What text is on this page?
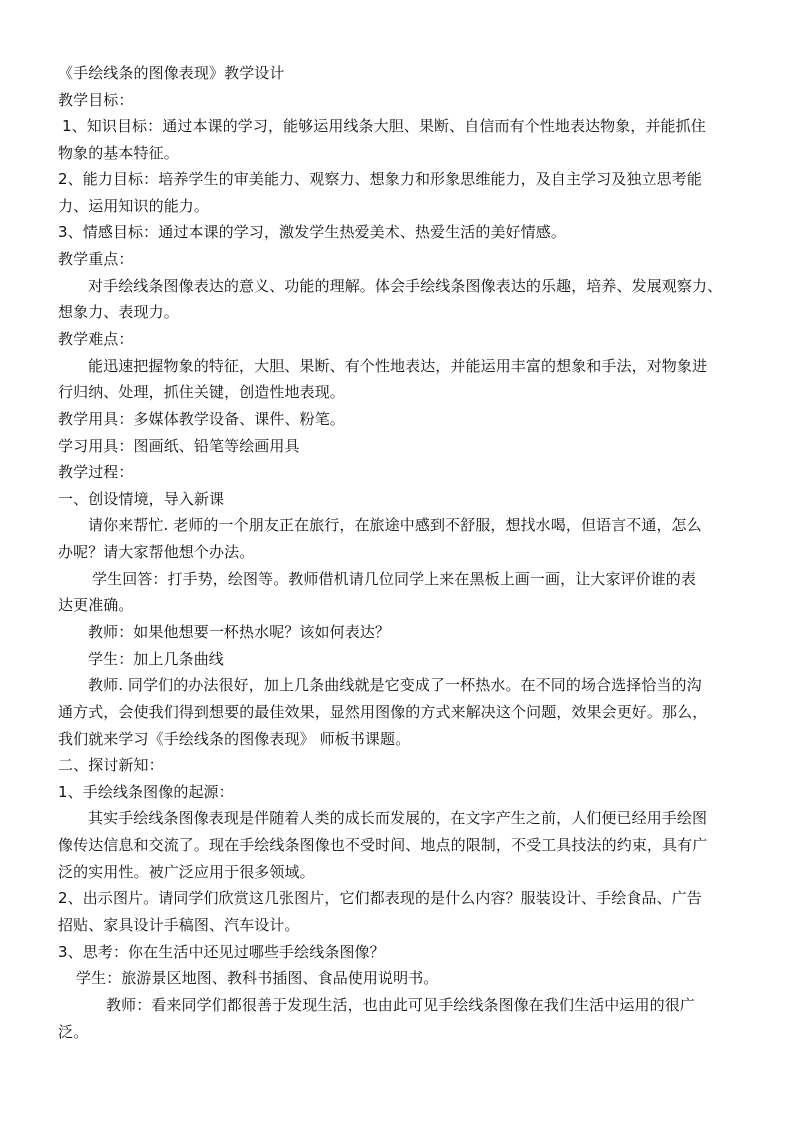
《手绘线条的图像表现》教学设计
教学目标：
1、知识目标：通过本课的学习，能够运用线条大胆、果断、自信而有个性地表达物象，并能抓住
物象的基本特征。
2、能力目标：培养学生的审美能力、观察力、想象力和形象思维能力，及自主学习及独立思考能
力、运用知识的能力。
3、情感目标：通过本课的学习，激发学生热爱美术、热爱生活的美好情感。
教学重点：
对手绘线条图像表达的意义、功能的理解。体会手绘线条图像表达的乐趣，培养、发展观察力、
想象力、表现力。
教学难点：
能迅速把握物象的特征，大胆、果断、有个性地表达，并能运用丰富的想象和手法，对物象进
行归纳、处理，抓住关键，创造性地表现。
教学用具：多媒体教学设备、课件、粉笔。
学习用具：图画纸、铅笔等绘画用具
教学过程：
一、创设情境，导入新课
请你来帮忙. 老师的一个朋友正在旅行，在旅途中感到不舒服，想找水喝，但语言不通，怎么
办呢？请大家帮他想个办法。
学生回答：打手势，绘图等。教师借机请几位同学上来在黑板上画一画，让大家评价谁的表
达更准确。
教师：如果他想要一杯热水呢？该如何表达？
学生：加上几条曲线
教师. 同学们的办法很好，加上几条曲线就是它变成了一杯热水。在不同的场合选择恰当的沟
通方式，会使我们得到想要的最佳效果，显然用图像的方式来解决这个问题，效果会更好。那么，
我们就来学习《手绘线条的图像表现》 师板书课题。
二、探讨新知：
1、手绘线条图像的起源：
其实手绘线条图像表现是伴随着人类的成长而发展的，在文字产生之前，人们便已经用手绘图
像传达信息和交流了。现在手绘线条图像也不受时间、地点的限制，不受工具技法的约束，具有广
泛的实用性。被广泛应用于很多领域。
2、出示图片。请同学们欣赏这几张图片，它们都表现的是什么内容？服装设计、手绘食品、广告
招贴、家具设计手稿图、汽车设计。
3、思考：你在生活中还见过哪些手绘线条图像？
学生：旅游景区地图、教科书插图、食品使用说明书。
教师：看来同学们都很善于发现生活，也由此可见手绘线条图像在我们生活中运用的很广
泛。
